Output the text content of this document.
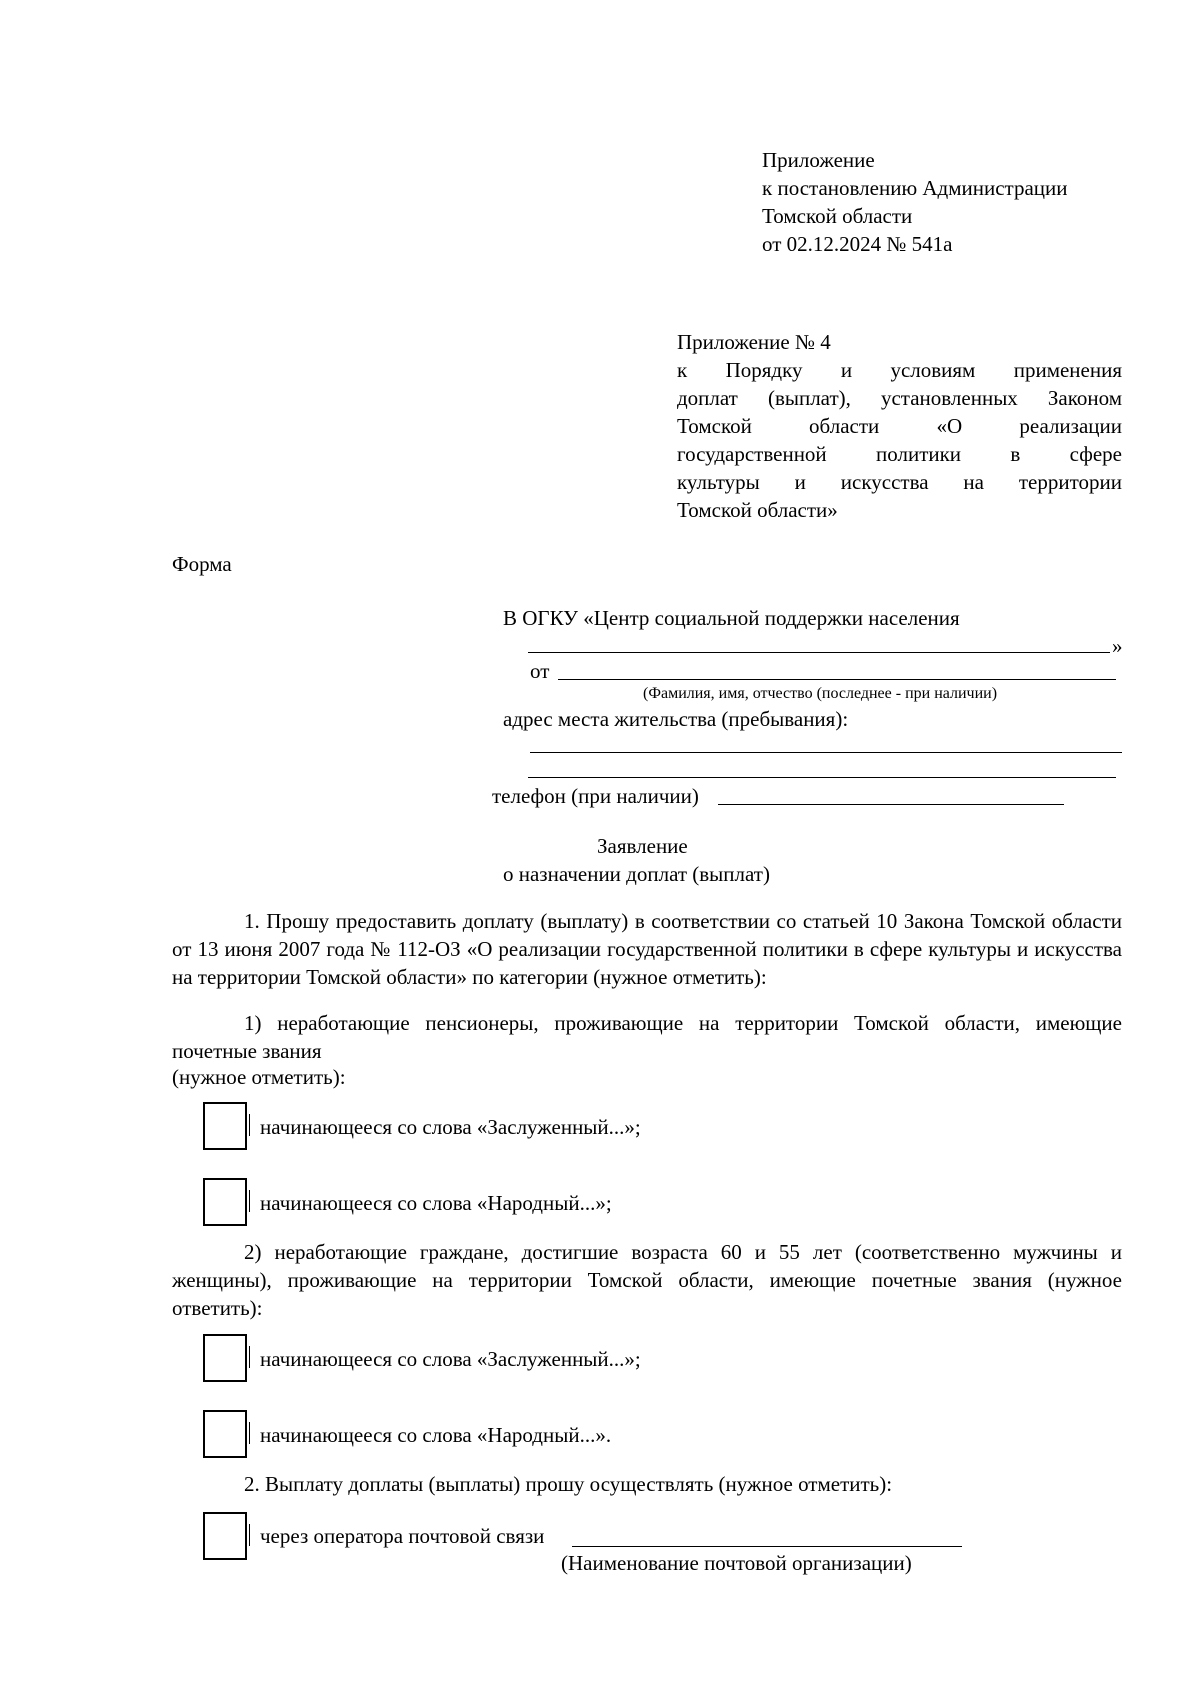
Приложение
к постановлению Администрации
Томской области
от 02.12.2024 № 541а
Приложение № 4
к Порядку и условиям применения
доплат (выплат), установленных Законом
Томской области «О реализации
государственной политики в сфере
культуры и искусства на территории
Томской области»
Форма
В ОГКУ «Центр социальной поддержки населения
»
от
(Фамилия, имя, отчество (последнее - при наличии)
адрес места жительства (пребывания):
телефон (при наличии)
Заявление
о назначении доплат (выплат)
1. Прошу предоставить доплату (выплату) в соответствии со статьей 10 Закона Томской области от 13 июня 2007 года № 112-ОЗ «О реализации государственной политики в сфере культуры и искусства на территории Томской области» по категории (нужное отметить):
1) неработающие пенсионеры, проживающие на территории Томской области, имеющие почетные звания
(нужное отметить):
начинающееся со слова «Заслуженный...»;
начинающееся со слова «Народный...»;
2) неработающие граждане, достигшие возраста 60 и 55 лет (соответственно мужчины и женщины), проживающие на территории Томской области, имеющие почетные звания (нужное ответить):
начинающееся со слова «Заслуженный...»;
начинающееся со слова «Народный...».
2. Выплату доплаты (выплаты) прошу осуществлять (нужное отметить):
через оператора почтовой связи
(Наименование почтовой организации)
